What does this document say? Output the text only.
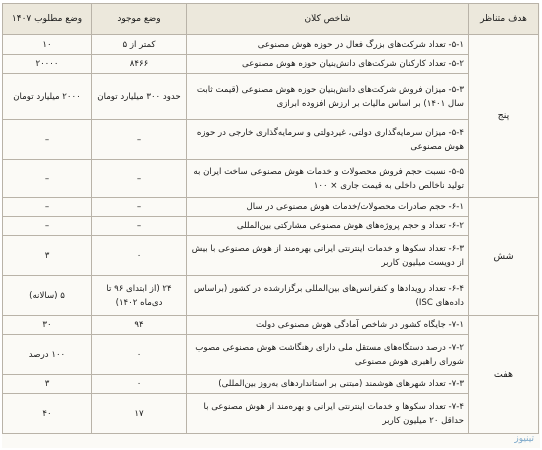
هدف متناظر	شاخص کلان	وضع موجود	وضع مطلوب ۱۴۰۷
پنج	۵-۱- تعداد شرکت‌های بزرگ فعال در حوزه هوش مصنوعی	کمتر از ۵	۱۰
	۵-۲- تعداد کارکنان شرکت‌های دانش‌بنیان حوزه هوش مصنوعی	۸۴۶۶	۲۰۰۰۰
	۵-۳- میزان فروش شرکت‌های دانش‌بنیان حوزه هوش مصنوعی (قیمت ثابت سال ۱۴۰۱) بر اساس مالیات بر ارزش افزوده ابرازی	حدود ۳۰۰ میلیارد تومان	۲۰۰۰ میلیارد تومان
	۵-۴- میزان سرمایه‌گذاری دولتی، غیردولتی و سرمایه‌گذاری خارجی در حوزه هوش مصنوعی	–	–
	۵-۵- نسبت حجم فروش محصولات و خدمات هوش مصنوعی ساخت ایران به تولید ناخالص داخلی به قیمت جاری × ۱۰۰	–	–
شش	۶-۱- حجم صادرات محصولات/خدمات هوش مصنوعی در سال	–	–
	۶-۲- تعداد و حجم پروژه‌های هوش مصنوعی مشارکتی بین‌المللی	–	–
	۶-۳- تعداد سکوها و خدمات اینترنتی ایرانی بهره‌مند از هوش مصنوعی با بیش از دویست میلیون کاربر	۰	۳
	۶-۴- تعداد رویدادها و کنفرانس‌های بین‌المللی برگزارشده در کشور (براساس داده‌های ISC)	۲۴ (از ابتدای ۹۶ تا دی‌ماه ۱۴۰۲)	۵ (سالانه)
هفت	۷-۱- جایگاه کشور در شاخص آمادگی هوش مصنوعی دولت	۹۴	۳۰
	۷-۲- درصد دستگاه‌های مستقل ملی دارای رهنگاشت هوش مصنوعی مصوب شورای راهبری هوش مصنوعی	۰	۱۰۰ درصد
	۷-۳- تعداد شهرهای هوشمند (مبتنی بر استانداردهای به‌روز بین‌المللی)	۰	۳
	۷-۴- تعداد سکوها و خدمات اینترنتی ایرانی و بهره‌مند از هوش مصنوعی با حداقل ۲۰ میلیون کاربر	۱۷	۴۰
تینیوز
